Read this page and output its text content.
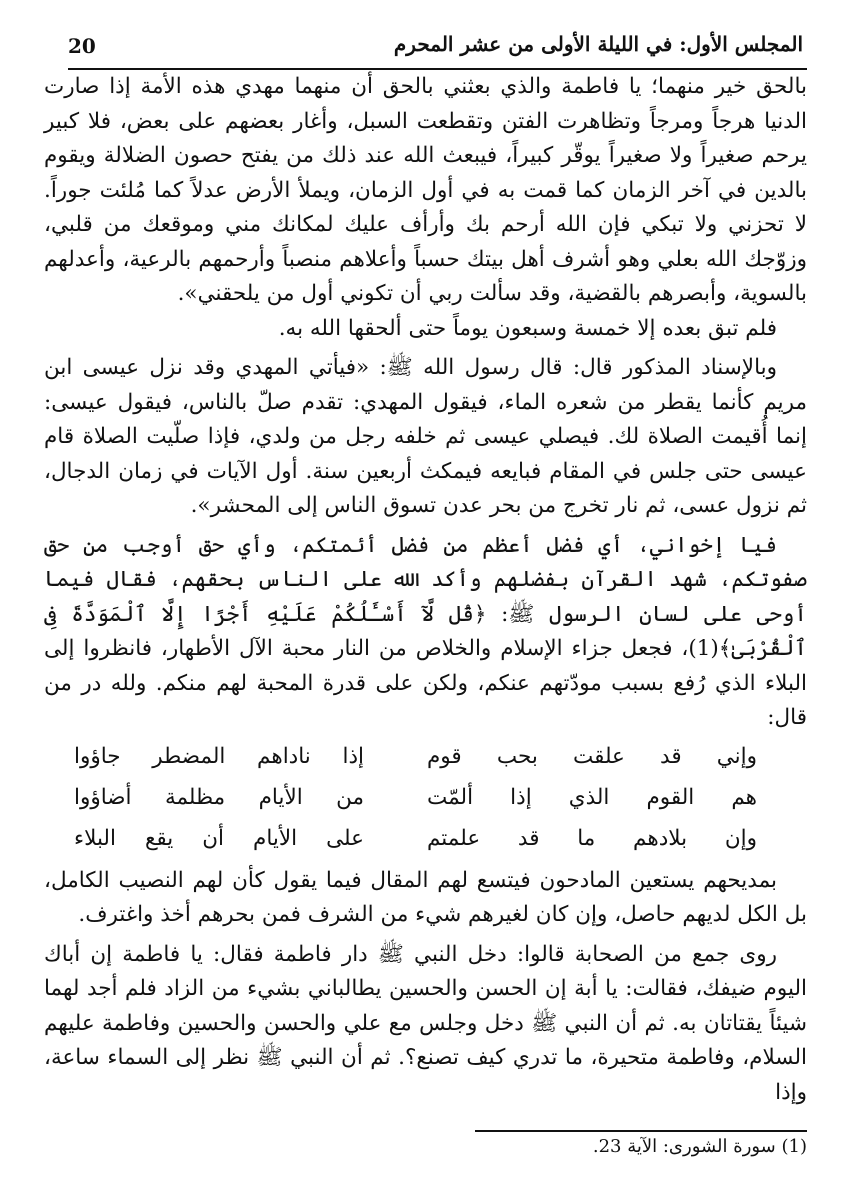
20	المجلس الأول: في الليلة الأولى من عشر المحرم

بالحق خير منهما؛ يا فاطمة والذي بعثني بالحق أن منهما مهدي هذه الأمة إذا صارت الدنيا هرجاً ومرجاً وتظاهرت الفتن وتقطعت السبل، وأغار بعضهم على بعض، فلا كبير يرحم صغيراً ولا صغيراً يوقّر كبيراً، فيبعث الله عند ذلك من يفتح حصون الضلالة ويقوم بالدين في آخر الزمان كما قمت به في أول الزمان، ويملأ الأرض عدلاً كما مُلئت جوراً. لا تحزني ولا تبكي فإن الله أرحم بك وأرأف عليك لمكانك مني وموقعك من قلبي، وزوّجك الله بعلي وهو أشرف أهل بيتك حسباً وأعلاهم منصباً وأرحمهم بالرعية، وأعدلهم بالسوية، وأبصرهم بالقضية، وقد سألت ربي أن تكوني أول من يلحقني».

فلم تبق بعده إلا خمسة وسبعون يوماً حتى ألحقها الله به.

وبالإسناد المذكور قال: قال رسول الله ﷺ: «فيأتي المهدي وقد نزل عيسى ابن مريم كأنما يقطر من شعره الماء، فيقول المهدي: تقدم صلّ بالناس، فيقول عيسى: إنما أُقيمت الصلاة لك. فيصلي عيسى ثم خلفه رجل من ولدي، فإذا صلّيت الصلاة قام عيسى حتى جلس في المقام فبايعه فيمكث أربعين سنة. أول الآيات في زمان الدجال، ثم نزول عسى، ثم نار تخرج من بحر عدن تسوق الناس إلى المحشر».

فيا إخواني، أي فضل أعظم من فضل أئمتكم، وأي حق أوجب من حق صفوتكم، شهد القرآن بفضلهم وأكد الله على الناس بحقهم، فقال فيما أوحى على لسان الرسول ﷺ: ﴿قُل لَّآ أَسْـَٔلُكُمْ عَلَيْهِ أَجْرًا إِلَّا ٱلْمَوَدَّةَ فِى ٱلْقُرْبَىٰ﴾(1)، فجعل جزاء الإسلام والخلاص من النار محبة الآل الأطهار، فانظروا إلى البلاء الذي رُفع بسبب مودّتهم عنكم، ولكن على قدرة المحبة لهم منكم. ولله در من قال:

وإني قد علقت بحب قوم
إذا ناداهم المضطر جاؤوا
هم القوم الذي إذا ألمّت
من الأيام مظلمة أضاؤوا
وإن بلادهم ما قد علمتم
على الأيام أن يقع البلاء

بمديحهم يستعين المادحون فيتسع لهم المقال فيما يقول كأن لهم النصيب الكامل، بل الكل لديهم حاصل، وإن كان لغيرهم شيء من الشرف فمن بحرهم أخذ واغترف.

روى جمع من الصحابة قالوا: دخل النبي ﷺ دار فاطمة فقال: يا فاطمة إن أباك اليوم ضيفك، فقالت: يا أبة إن الحسن والحسين يطالباني بشيء من الزاد فلم أجد لهما شيئاً يقتاتان به. ثم أن النبي ﷺ دخل وجلس مع علي والحسن والحسين وفاطمة عليهم السلام، وفاطمة متحيرة، ما تدري كيف تصنع؟. ثم أن النبي ﷺ نظر إلى السماء ساعة، وإذا

(1) سورة الشورى: الآية 23.
